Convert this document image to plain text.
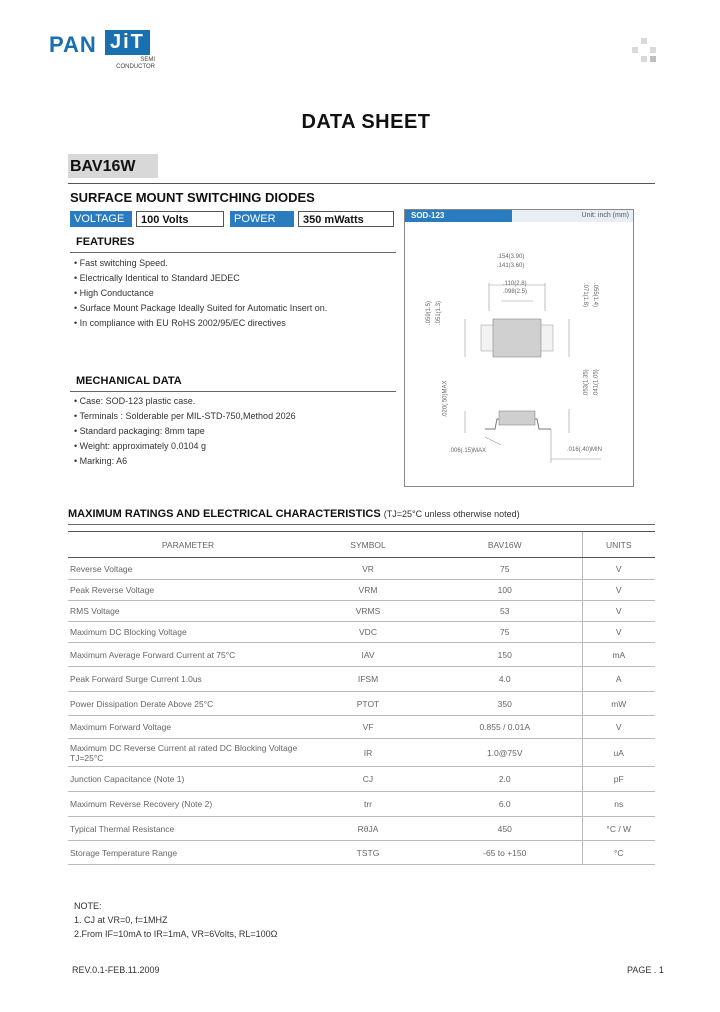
PAN JiT
SEMI
CONDUCTOR
DATA SHEET
BAV16W
SURFACE MOUNT SWITCHING DIODES
VOLTAGE	100 Volts	POWER	350 mWatts
FEATURES
• Fast switching Speed.
• Electrically Identical to Standard JEDEC
• High Conductance
• Surface Mount Package Ideally Suited for Automatic Insert on.
• In compliance with EU RoHS 2002/95/EC directives
MECHANICAL DATA
• Case: SOD-123 plastic case.
• Terminals : Solderable per MIL-STD-750,Method 2026
• Standard packaging: 8mm tape
• Weight: approximately 0.0104 g
• Marking: A6
SOD-123	Unit: inch (mm)
.154(3.90)
.141(3.60)
.110(2.8)
.098(2.5)
.059(1.5) .051(1.3)
.071(1.8) .055(1.4)
.020(.50)MAX	.053(1.35) .041(1.05)
.006(.15)MAX	.016(.40)MIN
MAXIMUM RATINGS AND ELECTRICAL CHARACTERISTICS (TJ=25°C unless otherwise noted)
PARAMETER	SYMBOL	BAV16W	UNITS
Reverse Voltage	VR	75	V
Peak Reverse Voltage	VRM	100	V
RMS Voltage	VRMS	53	V
Maximum DC Blocking Voltage	VDC	75	V
Maximum Average Forward Current at 75°C	IAV	150	mA
Peak Forward Surge Current 1.0us	IFSM	4.0	A
Power Dissipation Derate Above 25°C	PTOT	350	mW
Maximum Forward Voltage	VF	0.855 / 0.01A	V
Maximum DC Reverse Current at rated DC Blocking Voltage TJ=25°C	IR	1.0@75V	uA
Junction Capacitance (Note 1)	CJ	2.0	pF
Maximum Reverse Recovery (Note 2)	trr	6.0	ns
Typical Thermal Resistance	RθJA	450	°C / W
Storage Temperature Range	TSTG	-65 to +150	°C
NOTE:
1. CJ at VR=0, f=1MHZ
2.From IF=10mA to IR=1mA, VR=6Volts, RL=100Ω
REV.0.1-FEB.11.2009	PAGE . 1
